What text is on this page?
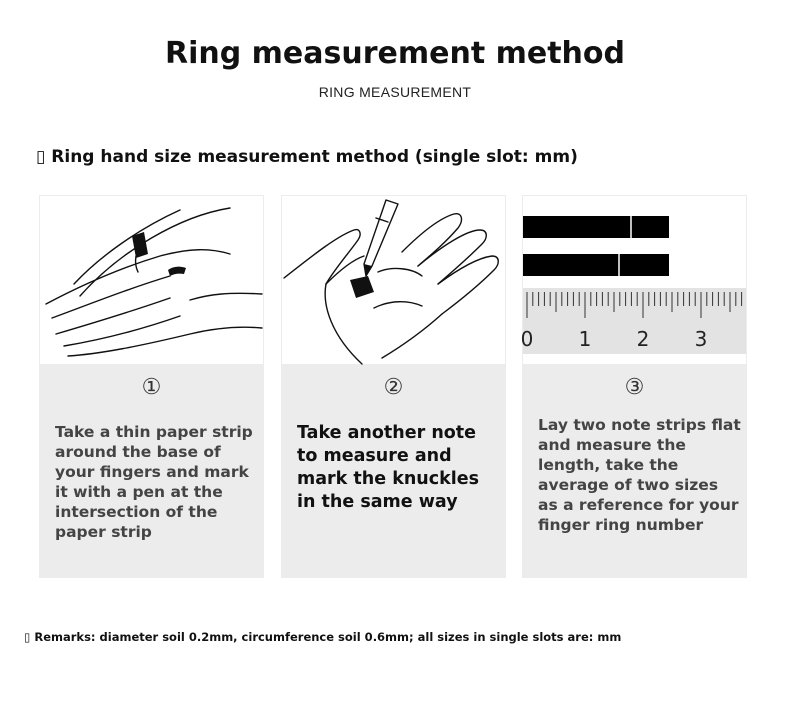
Ring measurement method
RING MEASUREMENT
▯ Ring hand size measurement method (single slot: mm)
①
Take a thin paper strip around the base of your fingers and mark it with a pen at the intersection of the paper strip
②
Take another note to measure and mark the knuckles in the same way
0 1 2 3
③
Lay two note strips flat and measure the length, take the average of two sizes as a reference for your finger ring number
▯ Remarks: diameter soil 0.2mm, circumference soil 0.6mm; all sizes in single slots are: mm
